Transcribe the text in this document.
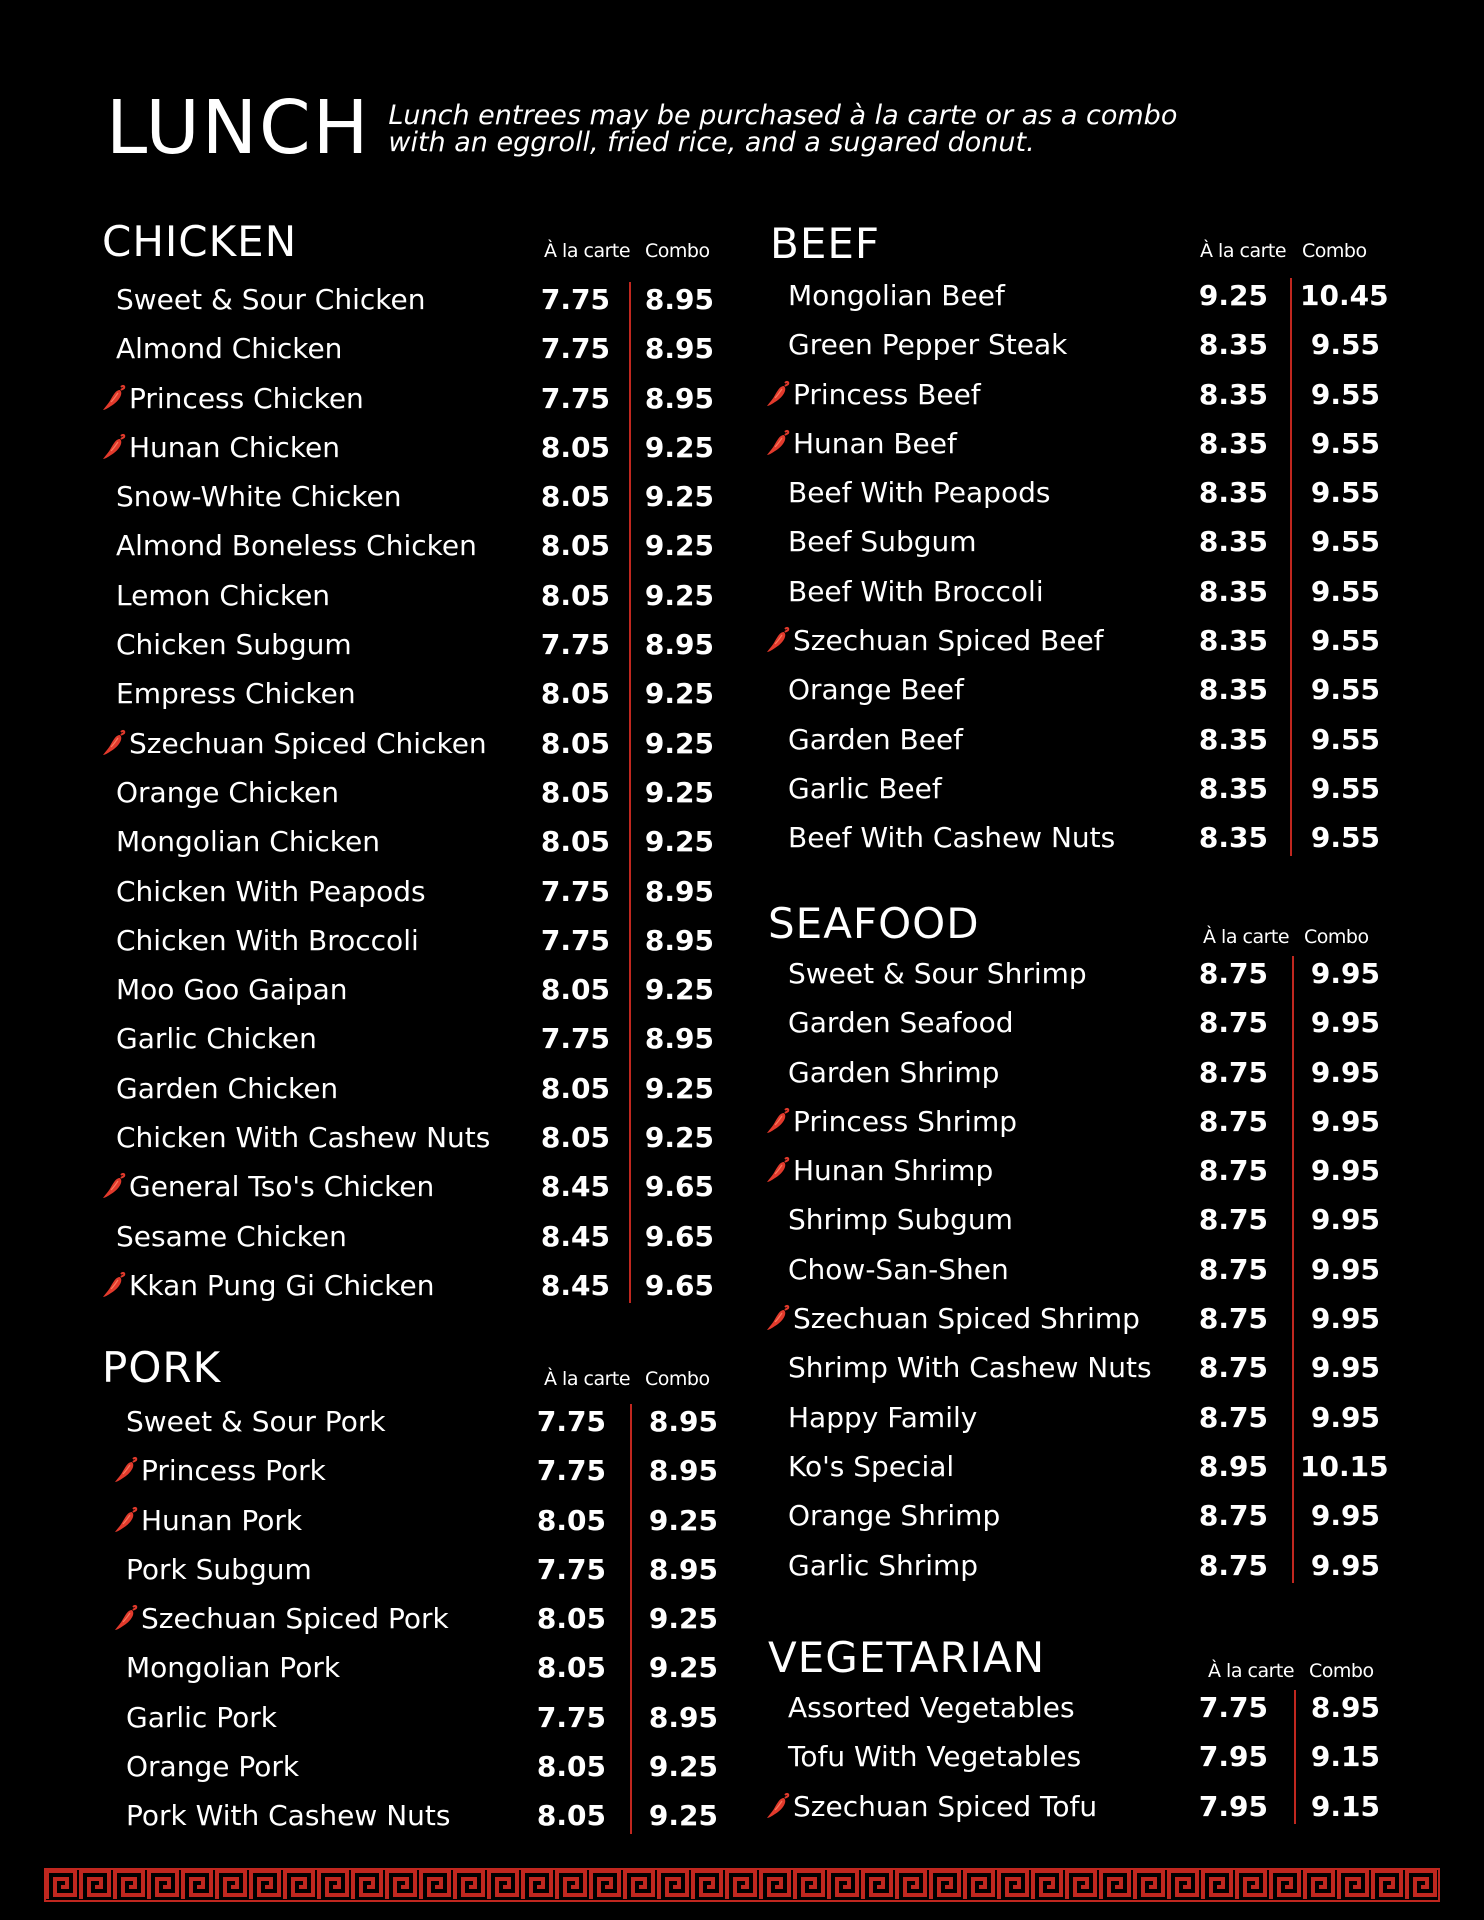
LUNCH Lunch entrees may be purchased à la carte or as a combo
with an eggroll, fried rice, and a sugared donut.
CHICKEN	À la carte Combo
Sweet & Sour Chicken	7.75	8.95
Almond Chicken	7.75	8.95
Princess Chicken	7.75	8.95
Hunan Chicken	8.05	9.25
Snow-White Chicken	8.05	9.25
Almond Boneless Chicken 8.05	9.25
Lemon Chicken	8.05	9.25
Chicken Subgum	7.75	8.95
Empress Chicken	8.05	9.25
Szechuan Spiced Chicken 8.05	9.25
Orange Chicken	8.05	9.25
Mongolian Chicken	8.05	9.25
Chicken With Peapods	7.75	8.95
Chicken With Broccoli	7.75	8.95
Moo Goo Gaipan	8.05	9.25
Garlic Chicken	7.75	8.95
Garden Chicken	8.05	9.25
Chicken With Cashew Nuts 8.05	9.25
General Tso's Chicken	8.45	9.65
Sesame Chicken	8.45	9.65
Kkan Pung Gi Chicken	8.45	9.65
PORK	À la carte Combo
Sweet & Sour Pork	7.75	8.95
Princess Pork	7.75	8.95
Hunan Pork	8.05	9.25
Pork Subgum	7.75	8.95
Szechuan Spiced Pork	8.05	9.25
Mongolian Pork	8.05	9.25
Garlic Pork	7.75	8.95
Orange Pork	8.05	9.25
Pork With Cashew Nuts	8.05	9.25
BEEF	À la carte Combo
Mongolian Beef	9.25 10.45
Green Pepper Steak	8.35	9.55
Princess Beef	8.35	9.55
Hunan Beef	8.35	9.55
Beef With Peapods	8.35	9.55
Beef Subgum	8.35	9.55
Beef With Broccoli	8.35	9.55
Szechuan Spiced Beef	8.35	9.55
Orange Beef	8.35	9.55
Garden Beef	8.35	9.55
Garlic Beef	8.35	9.55
Beef With Cashew Nuts	8.35	9.55
SEAFOOD	À la carte Combo
Sweet & Sour Shrimp	8.75	9.95
Garden Seafood	8.75	9.95
Garden Shrimp	8.75	9.95
Princess Shrimp	8.75	9.95
Hunan Shrimp	8.75	9.95
Shrimp Subgum	8.75	9.95
Chow-San-Shen	8.75	9.95
Szechuan Spiced Shrimp 8.75	9.95
Shrimp With Cashew Nuts 8.75	9.95
Happy Family	8.75	9.95
Ko's Special	8.95 10.15
Orange Shrimp	8.75	9.95
Garlic Shrimp	8.75	9.95
VEGETARIAN	À la carte Combo
Assorted Vegetables	7.75	8.95
Tofu With Vegetables	7.95	9.15
Szechuan Spiced Tofu	7.95	9.15
